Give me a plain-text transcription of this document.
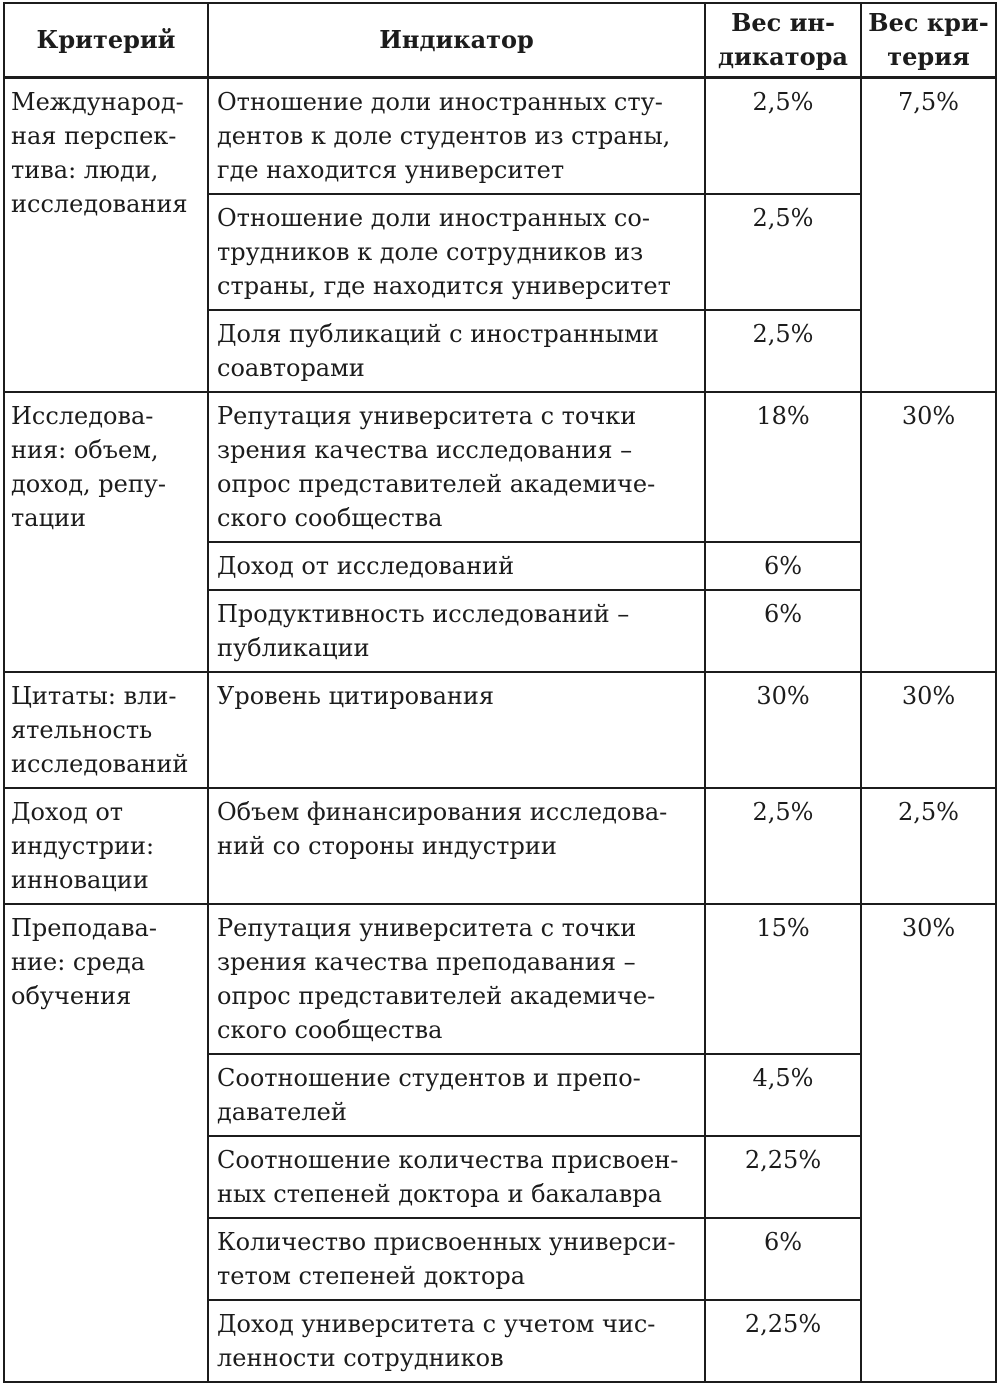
Критерий	Индикатор	Вес ин-
дикатора	Вес кри-
терия
Международ-
ная перспек-
тива: люди,
исследования	Отношение доли иностранных сту-
дентов к доле студентов из страны,
где находится университет	2,5%	7,5%
	Отношение доли иностранных со-
трудников к доле сотрудников из
страны, где находится университет	2,5%	
	Доля публикаций с иностранными
соавторами	2,5%	
Исследова-
ния: объем,
доход, репу-
тации	Репутация университета с точки
зрения качества исследования –
опрос представителей академиче-
ского сообщества	18%	30%
	Доход от исследований	6%	
	Продуктивность исследований –
публикации	6%	
Цитаты: вли-
ятельность
исследований	Уровень цитирования	30%	30%
Доход от
индустрии:
инновации	Объем финансирования исследова-
ний со стороны индустрии	2,5%	2,5%
Преподава-
ние: среда
обучения	Репутация университета с точки
зрения качества преподавания –
опрос представителей академиче-
ского сообщества	15%	30%
	Соотношение студентов и препо-
давателей	4,5%	
	Соотношение количества присвоен-
ных степеней доктора и бакалавра	2,25%	
	Количество присвоенных универси-
тетом степеней доктора	6%	
	Доход университета с учетом чис-
ленности сотрудников	2,25%	
